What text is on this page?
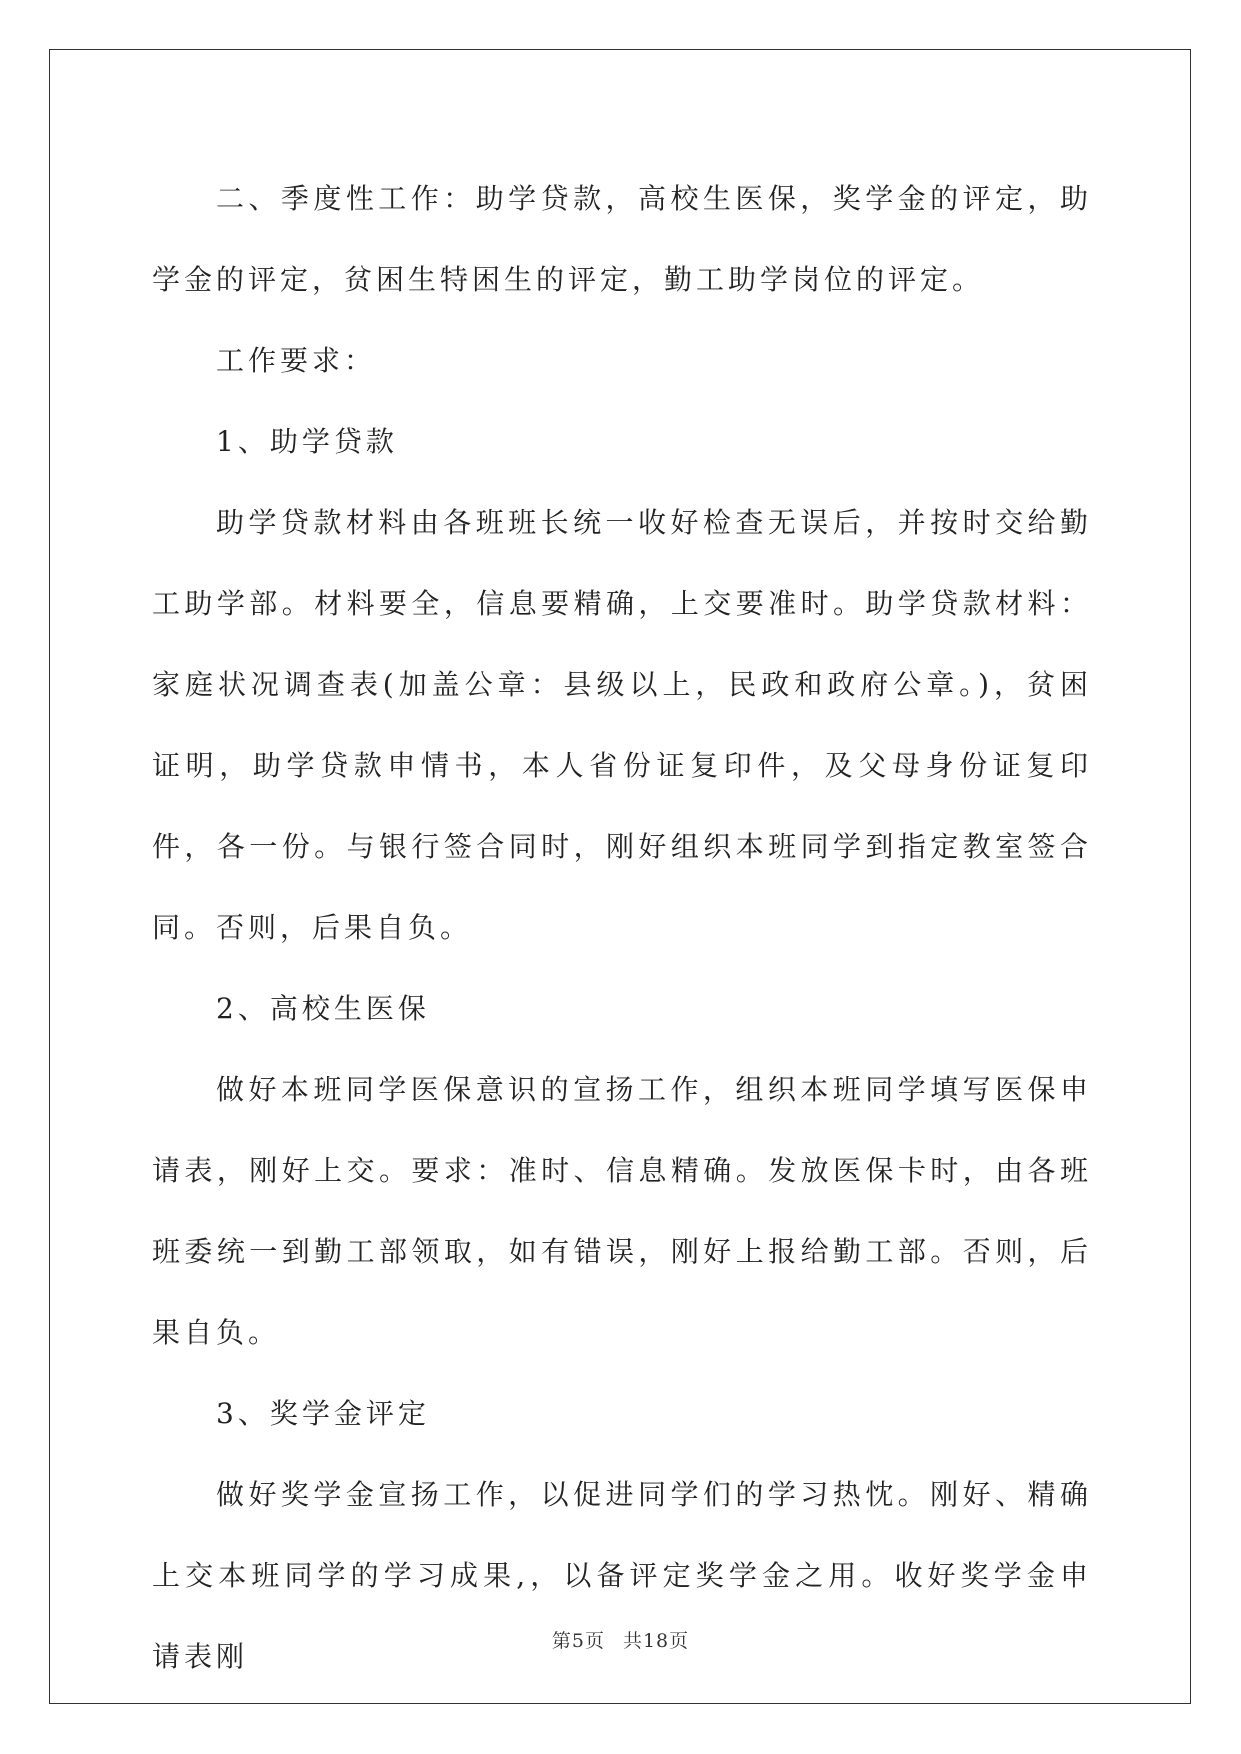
二、季度性工作：助学贷款，高校生医保，奖学金的评定，助学金的评定，贫困生特困生的评定，勤工助学岗位的评定。

工作要求：

1、助学贷款

助学贷款材料由各班班长统一收好检查无误后，并按时交给勤工助学部。材料要全，信息要精确，上交要准时。助学贷款材料：家庭状况调查表(加盖公章：县级以上，民政和政府公章。)，贫困证明，助学贷款申情书，本人省份证复印件，及父母身份证复印件，各一份。与银行签合同时，刚好组织本班同学到指定教室签合同。否则，后果自负。

2、高校生医保

做好本班同学医保意识的宣扬工作，组织本班同学填写医保申请表，刚好上交。要求：准时、信息精确。发放医保卡时，由各班班委统一到勤工部领取，如有错误，刚好上报给勤工部。否则，后果自负。

3、奖学金评定

做好奖学金宣扬工作，以促进同学们的学习热忱。刚好、精确上交本班同学的学习成果,，以备评定奖学金之用。收好奖学金申请表刚	第5页 共18页
